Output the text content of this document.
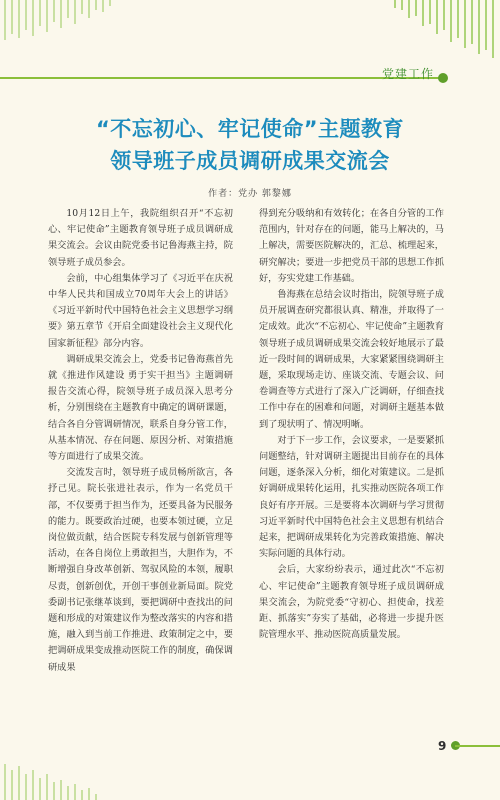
党建工作
“不忘初心、牢记使命”主题教育
领导班子成员调研成果交流会
作者：党办 郭黎娜

10月12日上午，我院组织召开“不忘初心、牢记使命”主题教育领导班子成员调研成果交流会。会议由院党委书记鲁海燕主持，院领导班子成员参会。

会前，中心组集体学习了《习近平在庆祝中华人民共和国成立70周年大会上的讲话》《习近平新时代中国特色社会主义思想学习纲要》第五章节《开启全面建设社会主义现代化国家新征程》部分内容。

调研成果交流会上，党委书记鲁海燕首先就《推进作风建设 勇于实干担当》主题调研报告交流心得，院领导班子成员深入思考分析，分别围绕在主题教育中确定的调研课题，结合各自分管调研情况，联系自身分管工作，从基本情况、存在问题、原因分析、对策措施等方面进行了成果交流。

交流发言时，领导班子成员畅所欲言，各抒己见。院长张进社表示，作为一名党员干部，不仅要勇于担当作为，还要具备为民服务的能力。既要政治过硬，也要本领过硬，立足岗位做贡献，结合医院专科发展与创新管理等活动，在各自岗位上勇敢担当，大胆作为，不断增强自身改革创新、驾驭风险的本领，履职尽责，创新创优，开创干事创业新局面。院党委副书记张继革谈到，要把调研中查找出的问题和形成的对策建议作为整改落实的内容和措施，融入到当前工作推进、政策制定之中，要把调研成果变成推动医院工作的制度，确保调研成果

得到充分吸纳和有效转化；在各自分管的工作范围内，针对存在的问题，能马上解决的，马上解决，需要医院解决的，汇总、梳理起来，研究解决；要进一步把党员干部的思想工作抓好，夯实党建工作基础。

鲁海燕在总结会议时指出，院领导班子成员开展调查研究都很认真、精准，并取得了一定成效。此次“不忘初心、牢记使命”主题教育领导班子成员调研成果交流会较好地展示了最近一段时间的调研成果，大家紧紧围绕调研主题，采取现场走访、座谈交流、专题会议、问卷调查等方式进行了深入广泛调研，仔细查找工作中存在的困难和问题，对调研主题基本做到了现状明了、情况明晰。

对于下一步工作，会议要求，一是要紧抓问题整结，针对调研主题提出目前存在的具体问题，逐条深入分析，细化对策建议。二是抓好调研成果转化运用，扎实推动医院各项工作良好有序开展。三是要将本次调研与学习贯彻习近平新时代中国特色社会主义思想有机结合起来，把调研成果转化为完善政策措施、解决实际问题的具体行动。

会后，大家纷纷表示，通过此次“不忘初心、牢记使命”主题教育领导班子成员调研成果交流会，为院党委“守初心、担使命，找差距、抓落实”夯实了基础，必将进一步提升医院管理水平、推动医院高质量发展。

9
